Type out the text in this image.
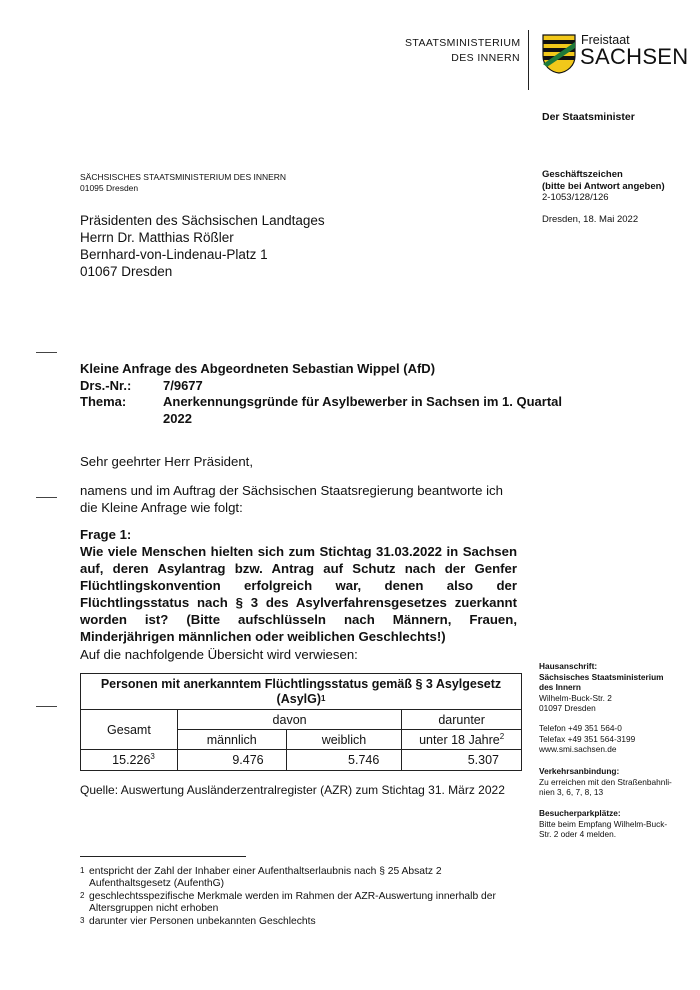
STAATSMINISTERIUM
DES INNERN
Freistaat
SACHSEN
Der Staatsminister
SÄCHSISCHES STAATSMINISTERIUM DES INNERN
01095 Dresden
Präsidenten des Sächsischen Landtages
Herrn Dr. Matthias Rößler
Bernhard-von-Lindenau-Platz 1
01067 Dresden
Geschäftszeichen
(bitte bei Antwort angeben)
2-1053/128/126
Dresden, 18. Mai 2022
Kleine Anfrage des Abgeordneten Sebastian Wippel (AfD)
Drs.-Nr.:	7/9677
Thema:	Anerkennungsgründe für Asylbewerber in Sachsen im 1. Quartal 2022
Sehr geehrter Herr Präsident,
namens und im Auftrag der Sächsischen Staatsregierung beantworte ich die Kleine Anfrage wie folgt:
Frage 1:
Wie viele Menschen hielten sich zum Stichtag 31.03.2022 in Sachsen auf, deren Asylantrag bzw. Antrag auf Schutz nach der Genfer Flüchtlingskonvention erfolgreich war, denen also der Flüchtlingsstatus nach § 3 des Asylverfahrensgesetzes zuerkannt worden ist? (Bitte aufschlüsseln nach Männern, Frauen, Minderjährigen männlichen oder weiblichen Geschlechts!)
Auf die nachfolgende Übersicht wird verwiesen:
Personen mit anerkanntem Flüchtlingsstatus gemäß § 3 Asylgesetz (AsylG)$^1$
Gesamt	davon		darunter
	männlich	weiblich	unter 18 Jahre$^2$
15.226$^3$	9.476	5.746	5.307
Quelle: Auswertung Ausländerzentralregister (AZR) zum Stichtag 31. März 2022
1 entspricht der Zahl der Inhaber einer Aufenthaltserlaubnis nach § 25 Absatz 2 Aufenthaltsgesetz (AufenthG)
2 geschlechtsspezifische Merkmale werden im Rahmen der AZR-Auswertung innerhalb der Altersgruppen nicht erhoben
3 darunter vier Personen unbekannten Geschlechts
Hausanschrift:
Sächsisches Staatsministerium
des Innern
Wilhelm-Buck-Str. 2
01097 Dresden
Telefon +49 351 564-0
Telefax +49 351 564-3199
www.smi.sachsen.de
Verkehrsanbindung:
Zu erreichen mit den Straßenbahnli-
nien 3, 6, 7, 8, 13
Besucherparkplätze:
Bitte beim Empfang Wilhelm-Buck-
Str. 2 oder 4 melden.
